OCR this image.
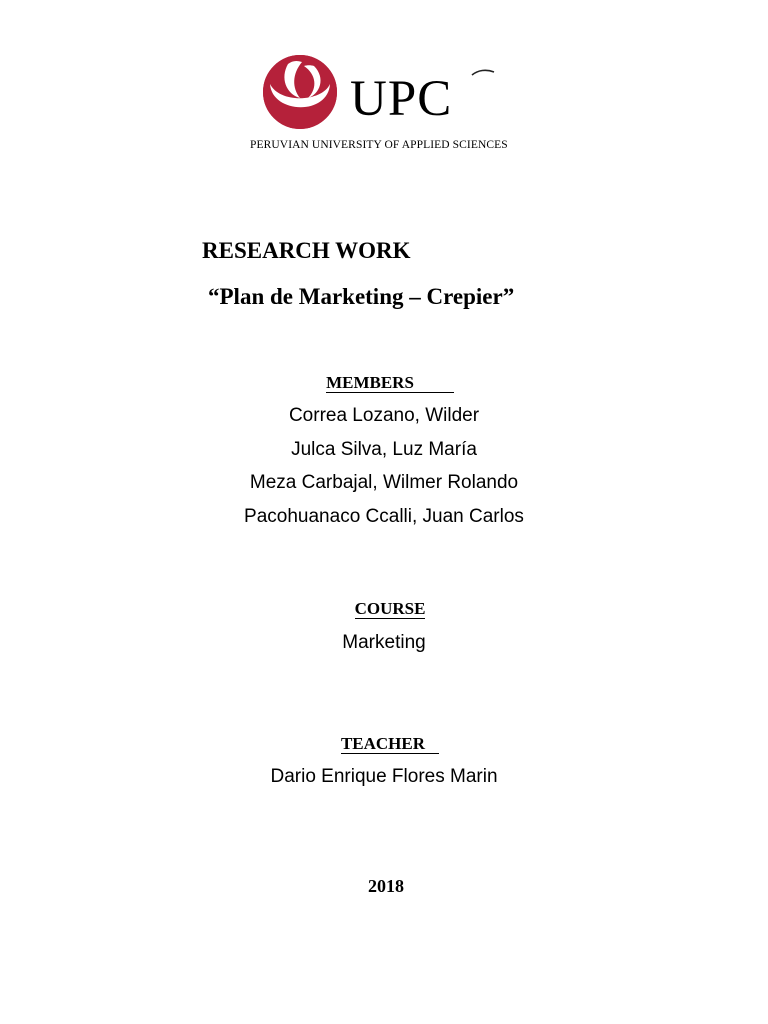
UPC
PERUVIAN UNIVERSITY OF APPLIED SCIENCES
RESEARCH WORK
“Plan de Marketing – Crepier”
MEMBERS
Correa Lozano, Wilder
Julca Silva, Luz María
Meza Carbajal, Wilmer Rolando
Pacohuanaco Ccalli, Juan Carlos
COURSE
Marketing
TEACHER
Dario Enrique Flores Marin
2018
